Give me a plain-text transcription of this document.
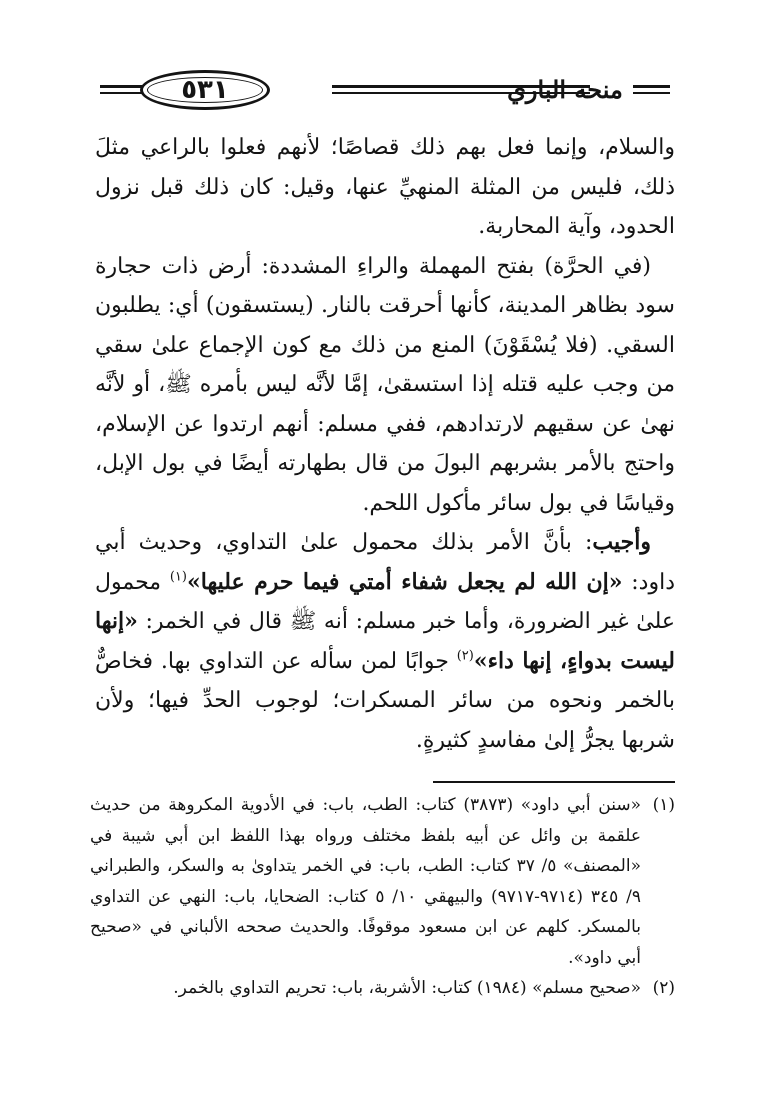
٥٣١	منحة الباري

والسلام، وإنما فعل بهم ذلك قصاصًا؛ لأنهم فعلوا بالراعي مثلَ ذلك، فليس من المثلة المنهيِّ عنها، وقيل: كان ذلك قبل نزول الحدود، وآية المحاربة.

(في الحرَّة) بفتح المهملة والراءِ المشددة: أرض ذات حجارة سود بظاهر المدينة، كأنها أحرقت بالنار. (يستسقون) أي: يطلبون السقي. (فلا يُسْقَوْنَ) المنع من ذلك مع كون الإجماع علىٰ سقي من وجب عليه قتله إذا استسقىٰ، إمَّا لأنَّه ليس بأمره ﷺ، أو لأنَّه نهىٰ عن سقيهم لارتدادهم، ففي مسلم: أنهم ارتدوا عن الإسلام، واحتج بالأمر بشربهم البولَ من قال بطهارته أيضًا في بول الإبل، وقياسًا في بول سائر مأكول اللحم.

وأجيب: بأنَّ الأمر بذلك محمول علىٰ التداوي، وحديث أبي داود: «إن الله لم يجعل شفاء أمتي فيما حرم عليها»$^{(١)}$ محمول علىٰ غير الضرورة، وأما خبر مسلم: أنه ﷺ قال في الخمر: «إنها ليست بدواءٍ، إنها داء»$^{(٢)}$ جوابًا لمن سأله عن التداوي بها. فخاصٌّ بالخمر ونحوه من سائر المسكرات؛ لوجوب الحدِّ فيها؛ ولأن شربها يجرُّ إلىٰ مفاسدٍ كثيرةٍ.

(١)
«سنن أبي داود» (٣٨٧٣) كتاب: الطب، باب: في الأدوية المكروهة من حديث علقمة بن وائل عن أبيه بلفظ مختلف ورواه بهذا اللفظ ابن أبي شيبة في «المصنف» ٥/ ٣٧ كتاب: الطب، باب: في الخمر يتداوىٰ به والسكر، والطبراني ٩/ ٣٤٥ (٩٧١٤-٩٧١٧) والبيهقي ١٠/ ٥ كتاب: الضحايا، باب: النهي عن التداوي بالمسكر. كلهم عن ابن مسعود موقوفًا. والحديث صححه الألباني في «صحيح أبي داود».

(٢)
«صحيح مسلم» (١٩٨٤) كتاب: الأشربة، باب: تحريم التداوي بالخمر.
